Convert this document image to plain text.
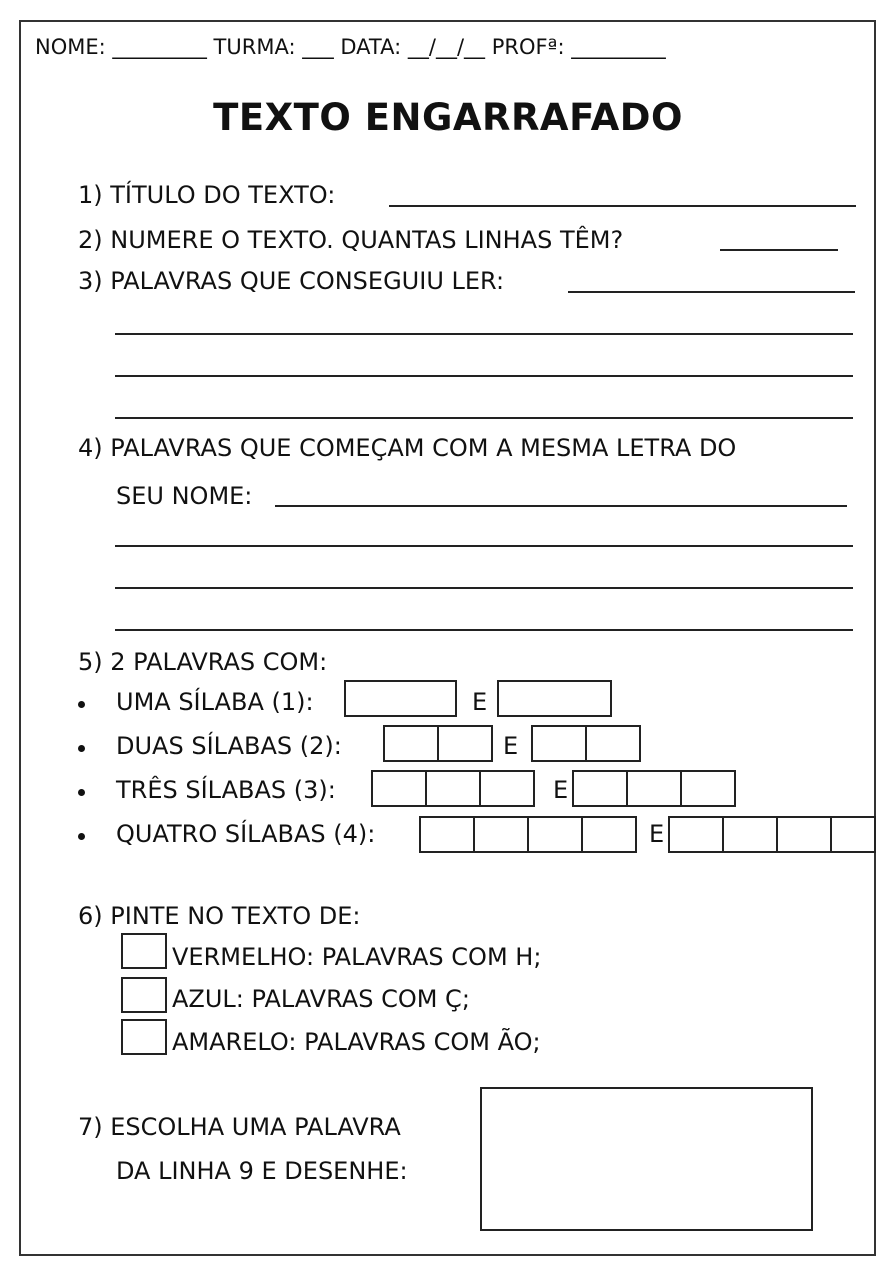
NOME: _________ TURMA: ___ DATA: __/__/__ PROFª: _________
TEXTO ENGARRAFADO
1) TÍTULO DO TEXTO:
2) NUMERE O TEXTO. QUANTAS LINHAS TÊM?
3) PALAVRAS QUE CONSEGUIU LER:
4) PALAVRAS QUE COMEÇAM COM A MESMA LETRA DO
SEU NOME:
5) 2 PALAVRAS COM:
UMA SÍLABA (1):	E
DUAS SÍLABAS (2):	E
TRÊS SÍLABAS (3):	E
QUATRO SÍLABAS (4):	E
6) PINTE NO TEXTO DE:
VERMELHO: PALAVRAS COM H;
AZUL: PALAVRAS COM Ç;
AMARELO: PALAVRAS COM ÃO;
7) ESCOLHA UMA PALAVRA
DA LINHA 9 E DESENHE:
